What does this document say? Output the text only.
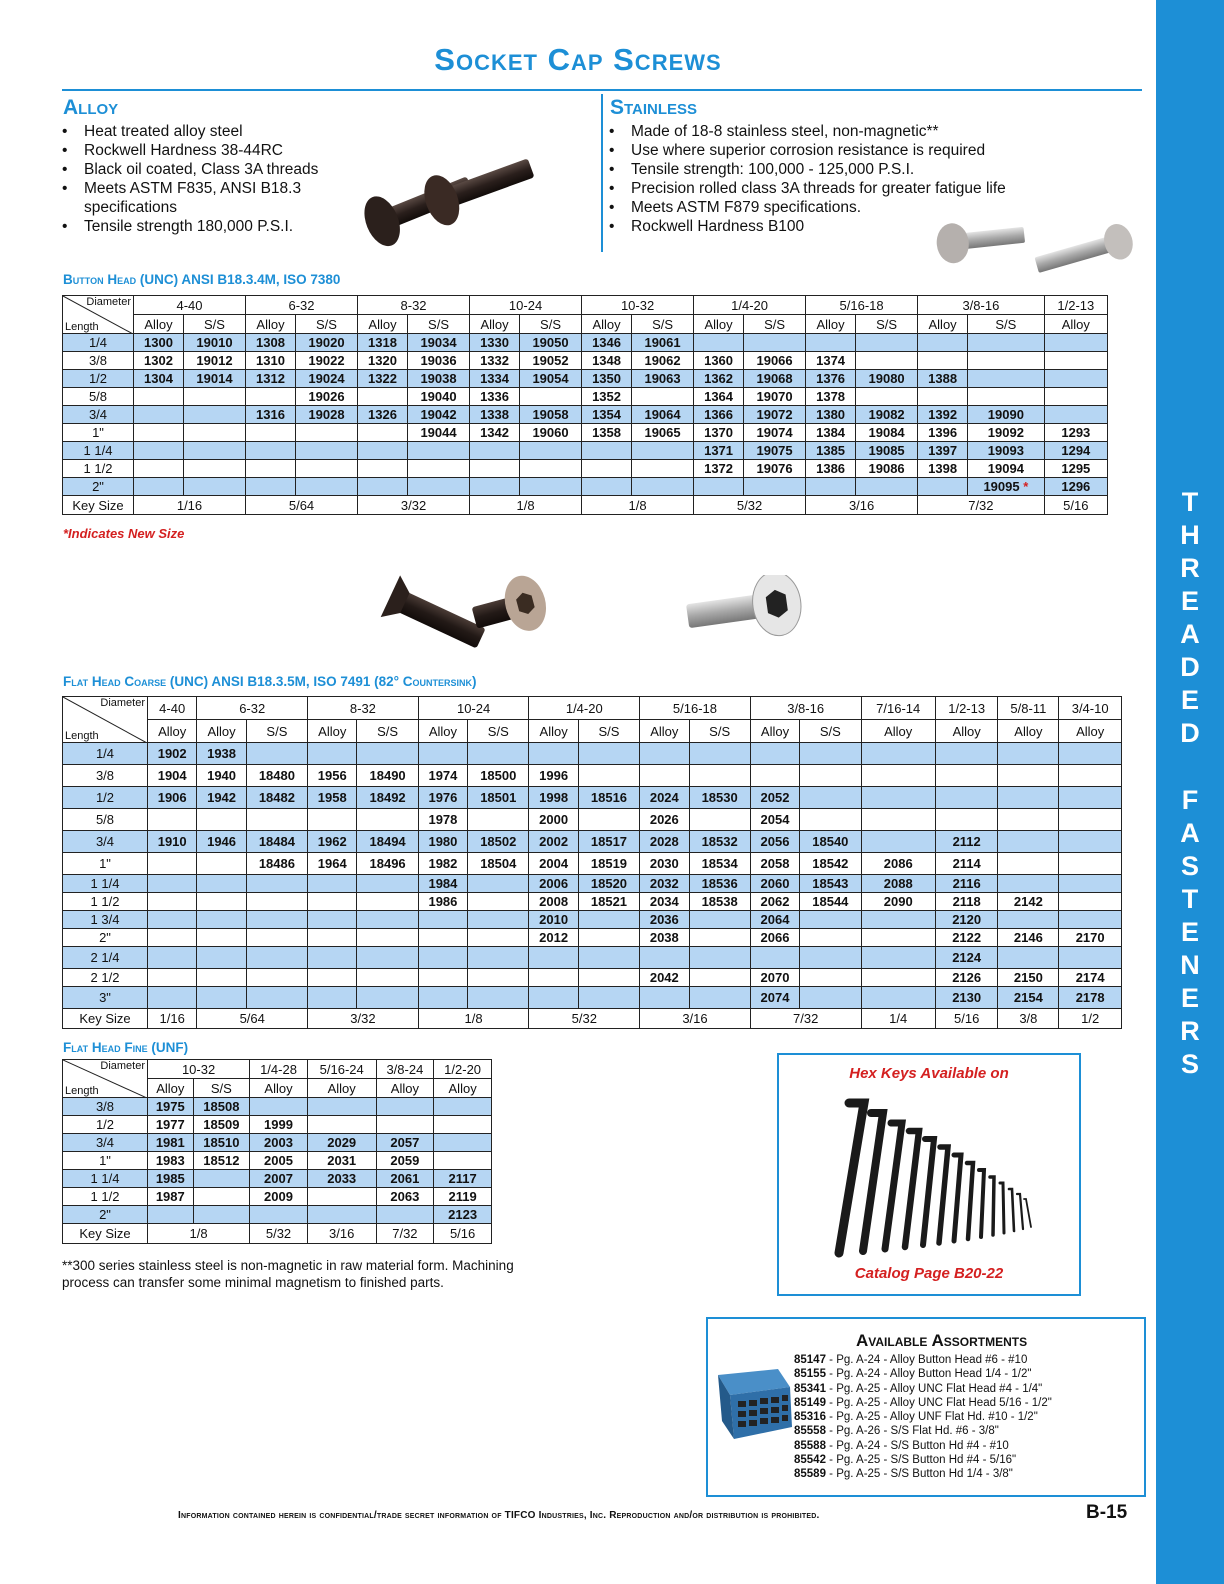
Socket Cap Screws
Alloy
• Heat treated alloy steel
• Rockwell Hardness 38-44RC
• Black oil coated, Class 3A threads
• Meets ASTM F835, ANSI B18.3 specifications
• Tensile strength 180,000 P.S.I.
Stainless
• Made of 18-8 stainless steel, non-magnetic**
• Use where superior corrosion resistance is required
• Tensile strength: 100,000 - 125,000 P.S.I.
• Precision rolled class 3A threads for greater fatigue life
• Meets ASTM F879 specifications.
• Rockwell Hardness B100
Button Head (UNC) ANSI B18.3.4M, ISO 7380
Diameter
Length	4-40		6-32		8-32		10-24		10-32		1/4-20		5/16-18		3/8-16		1/2-13
	Alloy	S/S	Alloy	S/S	Alloy	S/S	Alloy	S/S	Alloy	S/S	Alloy	S/S	Alloy	S/S	Alloy	S/S	Alloy
1/4	1300	19010	1308	19020	1318	19034	1330	19050	1346	19061							
3/8	1302	19012	1310	19022	1320	19036	1332	19052	1348	19062	1360	19066	1374				
1/2	1304	19014	1312	19024	1322	19038	1334	19054	1350	19063	1362	19068	1376	19080	1388		
5/8				19026		19040	1336		1352		1364	19070	1378				
3/4			1316	19028	1326	19042	1338	19058	1354	19064	1366	19072	1380	19082	1392	19090	
1"						19044	1342	19060	1358	19065	1370	19074	1384	19084	1396	19092	1293
1 1/4											1371	19075	1385	19085	1397	19093	1294
1 1/2											1372	19076	1386	19086	1398	19094	1295
2"																19095 *	1296
Key Size	1/16		5/64		3/32		1/8		1/8		5/32		3/16		7/32		5/16
*Indicates New Size
Flat Head Coarse (UNC) ANSI B18.3.5M, ISO 7491 (82° Countersink)
Diameter
Length	4-40	6-32		8-32		10-24		1/4-20		5/16-18		3/8-16		7/16-14	1/2-13	5/8-11	3/4-10
	Alloy	Alloy	S/S	Alloy	S/S	Alloy	S/S	Alloy	S/S	Alloy	S/S	Alloy	S/S	Alloy	Alloy	Alloy	Alloy
1/4	1902	1938															
3/8	1904	1940	18480	1956	18490	1974	18500	1996									
1/2	1906	1942	18482	1958	18492	1976	18501	1998	18516	2024	18530	2052					
5/8						1978		2000		2026		2054					
3/4	1910	1946	18484	1962	18494	1980	18502	2002	18517	2028	18532	2056	18540		2112		
1"			18486	1964	18496	1982	18504	2004	18519	2030	18534	2058	18542	2086	2114		
1 1/4						1984		2006	18520	2032	18536	2060	18543	2088	2116		
1 1/2						1986		2008	18521	2034	18538	2062	18544	2090	2118	2142	
1 3/4								2010		2036		2064			2120		
2"								2012		2038		2066			2122	2146	2170
2 1/4															2124		
2 1/2										2042		2070			2126	2150	2174
3"												2074			2130	2154	2178
Key Size	1/16	5/64		3/32		1/8		5/32		3/16		7/32		1/4	5/16	3/8	1/2
Flat Head Fine (UNF)
Diameter
Length	10-32		1/4-28	5/16-24	3/8-24	1/2-20
	Alloy	S/S	Alloy	Alloy	Alloy	Alloy
3/8	1975	18508				
1/2	1977	18509	1999			
3/4	1981	18510	2003	2029	2057	
1"	1983	18512	2005	2031	2059	
1 1/4	1985		2007	2033	2061	2117
1 1/2	1987		2009		2063	2119
2"						2123
Key Size	1/8		5/32	3/16	7/32	5/16
**300 series stainless steel is non-magnetic in raw material form. Machining process can transfer some minimal magnetism to finished parts.
Hex Keys Available on
Catalog Page B20-22
Available Assortments
85147 - Pg. A-24 - Alloy Button Head #6 - #10
85155 - Pg. A-24 - Alloy Button Head 1/4 - 1/2"
85341 - Pg. A-25 - Alloy UNC Flat Head #4 - 1/4"
85149 - Pg. A-25 - Alloy UNC Flat Head 5/16 - 1/2"
85316 - Pg. A-25 - Alloy UNF Flat Hd. #10 - 1/2"
85558 - Pg. A-26 - S/S Flat Hd. #6 - 3/8"
85588 - Pg. A-24 - S/S Button Hd #4 - #10
85542 - Pg. A-25 - S/S Button Hd #4 - 5/16"
85589 - Pg. A-25 - S/S Button Hd 1/4 - 3/8"
Information contained herein is confidential/trade secret information of TIFCO Industries, Inc. Reproduction and/or distribution is prohibited.	B-15
T
H
R
E
A
D
E
D
F
A
S
T
E
N
E
R
S
